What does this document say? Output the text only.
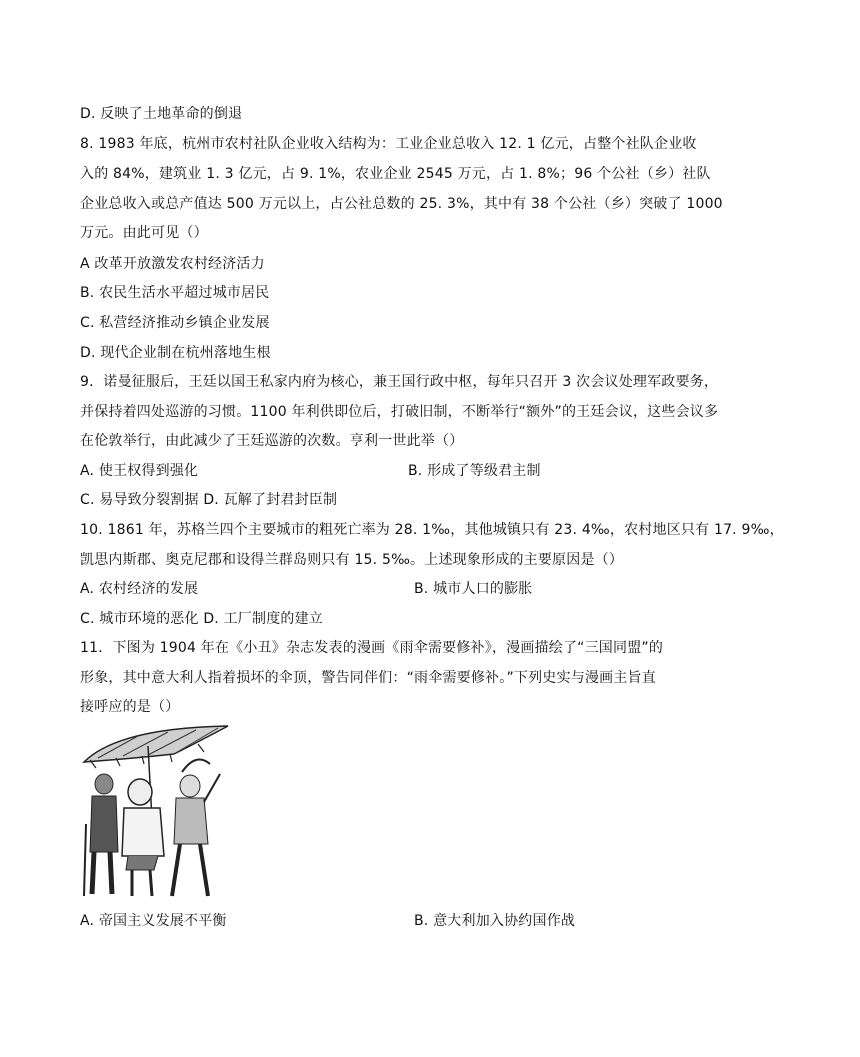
D. 反映了土地革命的倒退
8. 1983 年底，杭州市农村社队企业收入结构为：工业企业总收入 12. 1 亿元，占整个社队企业收
入的 84%，建筑业 1. 3 亿元，占 9. 1%，农业企业 2545 万元，占 1. 8%；96 个公社（乡）社队
企业总收入或总产值达 500 万元以上，占公社总数的 25. 3%，其中有 38 个公社（乡）突破了 1000
万元。由此可见（）
A 改革开放激发农村经济活力
B. 农民生活水平超过城市居民
C. 私营经济推动乡镇企业发展
D. 现代企业制在杭州落地生根
9．诺曼征服后，王廷以国王私家内府为核心，兼王国行政中枢，每年只召开 3 次会议处理军政要务，
并保持着四处巡游的习惯。1100 年利供即位后，打破旧制，不断举行“额外”的王廷会议，这些会议多
在伦敦举行，由此减少了王廷巡游的次数。亨利一世此举（）
A. 使王权得到强化	B. 形成了等级君主制
C. 易导致分裂割据 D. 瓦解了封君封臣制
10. 1861 年，苏格兰四个主要城市的粗死亡率为 28. 1‰，其他城镇只有 23. 4‰，农村地区只有 17. 9‰，
凯思内斯郡、奥克尼郡和设得兰群岛则只有 15. 5‰。上述现象形成的主要原因是（）
A. 农村经济的发展	B. 城市人口的膨胀
C. 城市环境的恶化 D. 工厂制度的建立
11．下图为 1904 年在《小丑》杂志发表的漫画《雨伞需要修补》，漫画描绘了“三国同盟”的
形象，其中意大利人指着损坏的伞顶，警告同伴们：“雨伞需要修补。”下列史实与漫画主旨直
接呼应的是（）
A. 帝国主义发展不平衡	B. 意大利加入协约国作战
